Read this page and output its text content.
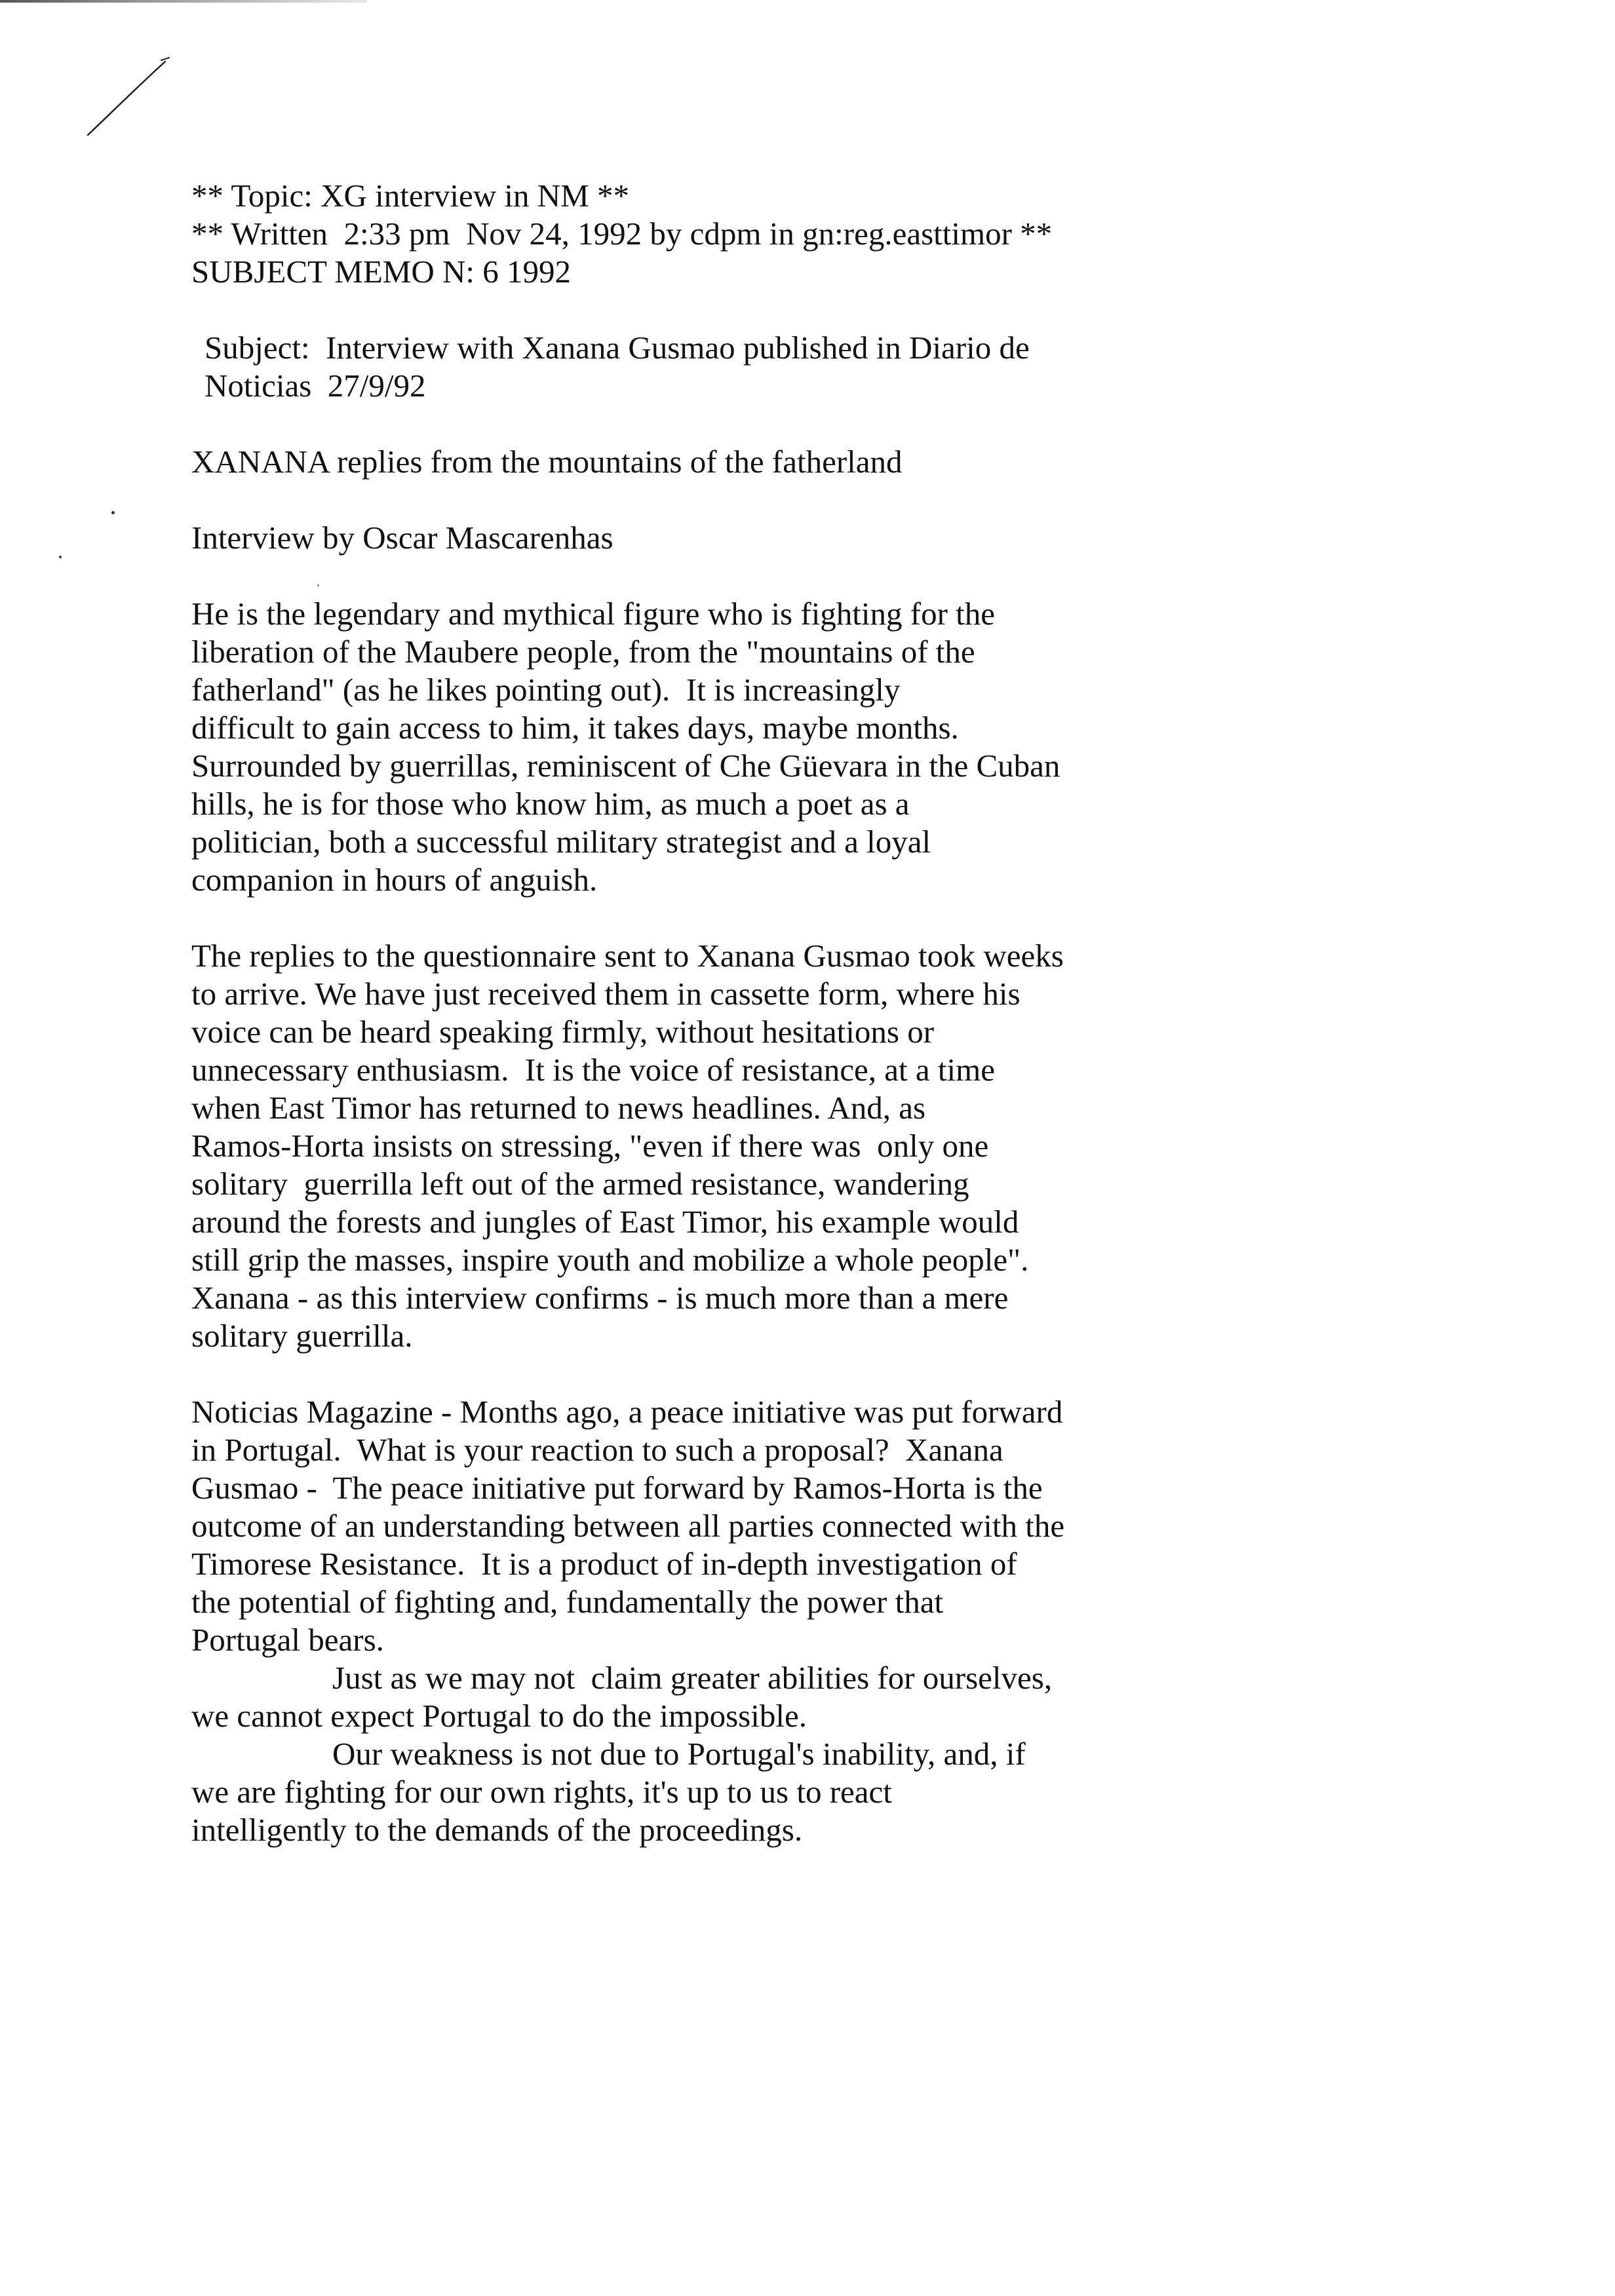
** Topic: XG interview in NM **
** Written  2:33 pm  Nov 24, 1992 by cdpm in gn:reg.easttimor **
SUBJECT MEMO N: 6 1992
Subject:  Interview with Xanana Gusmao published in Diario de
Noticias  27/9/92
XANANA replies from the mountains of the fatherland
Interview by Oscar Mascarenhas
He is the legendary and mythical figure who is fighting for the
liberation of the Maubere people, from the "mountains of the
fatherland" (as he likes pointing out).  It is increasingly
difficult to gain access to him, it takes days, maybe months.
Surrounded by guerrillas, reminiscent of Che Güevara in the Cuban
hills, he is for those who know him, as much a poet as a
politician, both a successful military strategist and a loyal
companion in hours of anguish.
The replies to the questionnaire sent to Xanana Gusmao took weeks
to arrive. We have just received them in cassette form, where his
voice can be heard speaking firmly, without hesitations or
unnecessary enthusiasm.  It is the voice of resistance, at a time
when East Timor has returned to news headlines. And, as
Ramos-Horta insists on stressing, "even if there was  only one
solitary  guerrilla left out of the armed resistance, wandering
around the forests and jungles of East Timor, his example would
still grip the masses, inspire youth and mobilize a whole people".
Xanana - as this interview confirms - is much more than a mere
solitary guerrilla.
Noticias Magazine - Months ago, a peace initiative was put forward
in Portugal.  What is your reaction to such a proposal?  Xanana
Gusmao -  The peace initiative put forward by Ramos-Horta is the
outcome of an understanding between all parties connected with the
Timorese Resistance.  It is a product of in-depth investigation of
the potential of fighting and, fundamentally the power that
Portugal bears.
Just as we may not  claim greater abilities for ourselves,
we cannot expect Portugal to do the impossible.
Our weakness is not due to Portugal's inability, and, if
we are fighting for our own rights, it's up to us to react
intelligently to the demands of the proceedings.
